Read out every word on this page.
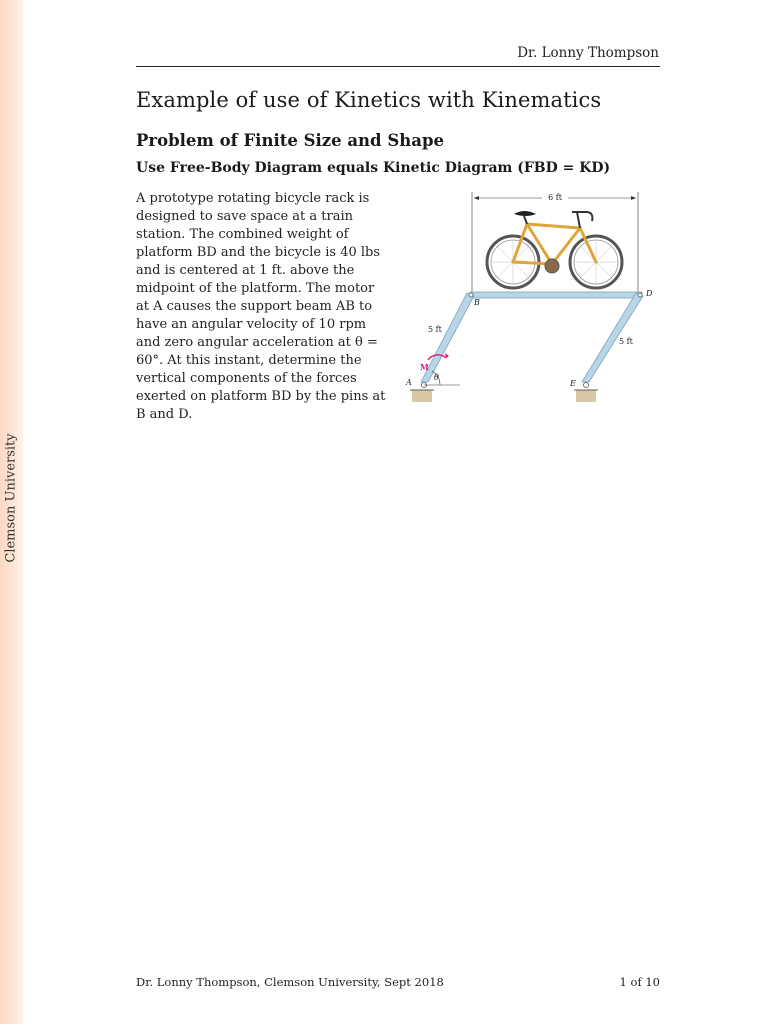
Clemson University
Dr. Lonny Thompson
Example of use of Kinetics with Kinematics
Problem of Finite Size and Shape
Use Free-Body Diagram equals Kinetic Diagram (FBD = KD)

A prototype rotating bicycle rack is designed to save space at a train station. The combined weight of platform BD and the bicycle is 40 lbs and is centered at 1 ft. above the midpoint of the platform. The motor at A causes the support beam AB to have an angular velocity of 10 rpm and zero angular acceleration at θ = 60°. At this instant, determine the vertical components of the forces exerted on platform BD by the pins at B and D.

6 ft
θ
M
5 ft
5 ft
A
B
D
E
Dr. Lonny Thompson, Clemson University, Sept 2018	1 of 10
